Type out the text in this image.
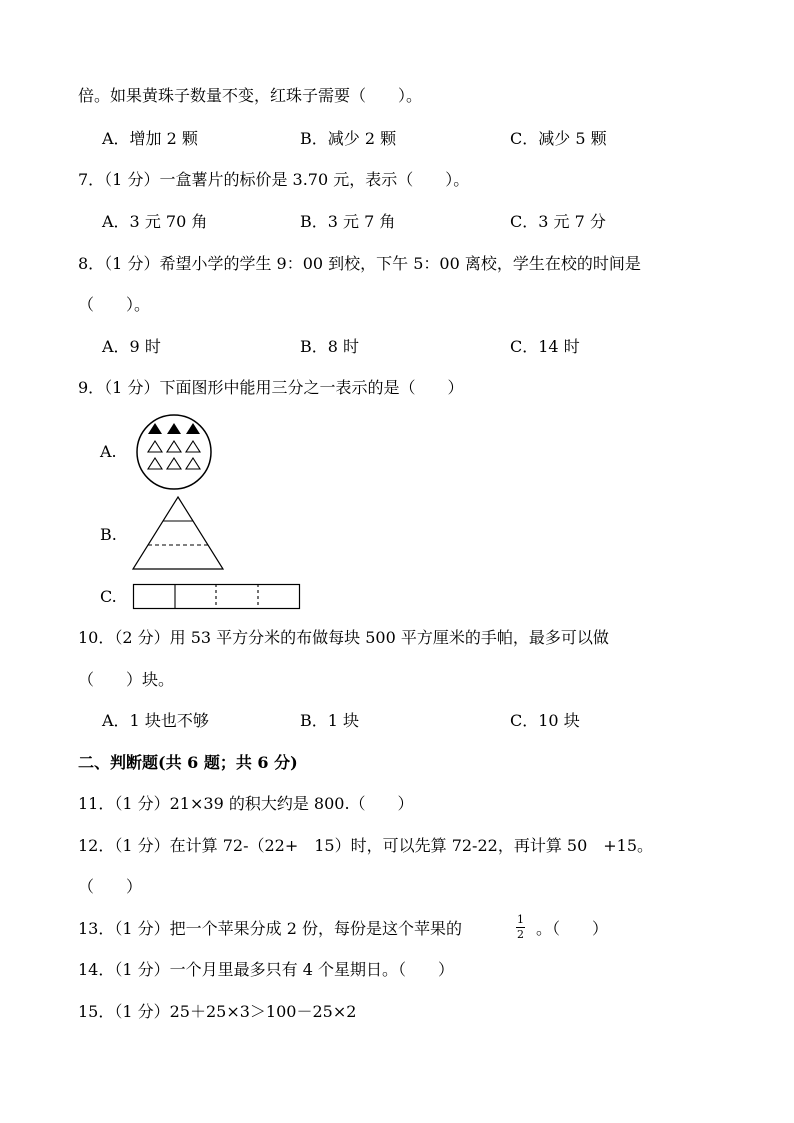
倍。如果黄珠子数量不变，红珠子需要（　　）。
A．增加 2 颗	B．减少 2 颗	C．减少 5 颗
7．（1 分）一盒薯片的标价是 3.70 元，表示（　　）。
A．3 元 70 角	B．3 元 7 角	C．3 元 7 分
8．（1 分）希望小学的学生 9：00 到校，下午 5：00 离校，学生在校的时间是
（　　）。
A．9 时	B．8 时	C．14 时
9．（1 分）下面图形中能用三分之一表示的是（　　）
A.
B.
C.
10．（2 分）用 53 平方分米的布做每块 500 平方厘米的手帕，最多可以做
（　　）块。
A．1 块也不够	B．1 块	C．10 块
二、判断题(共 6 题；共 6 分)
11．（1 分）21×39 的积大约是 800.（　　）
12．（1 分）在计算 72-（22+　15）时，可以先算 72-22，再计算 50　+15。
（　　）
13．（1 分）把一个苹果分成 2 份，每份是这个苹果的	1
2 。（　　）
14．（1 分）一个月里最多只有 4 个星期日。（　　）
15．（1 分）25＋25×3＞100－25×2
